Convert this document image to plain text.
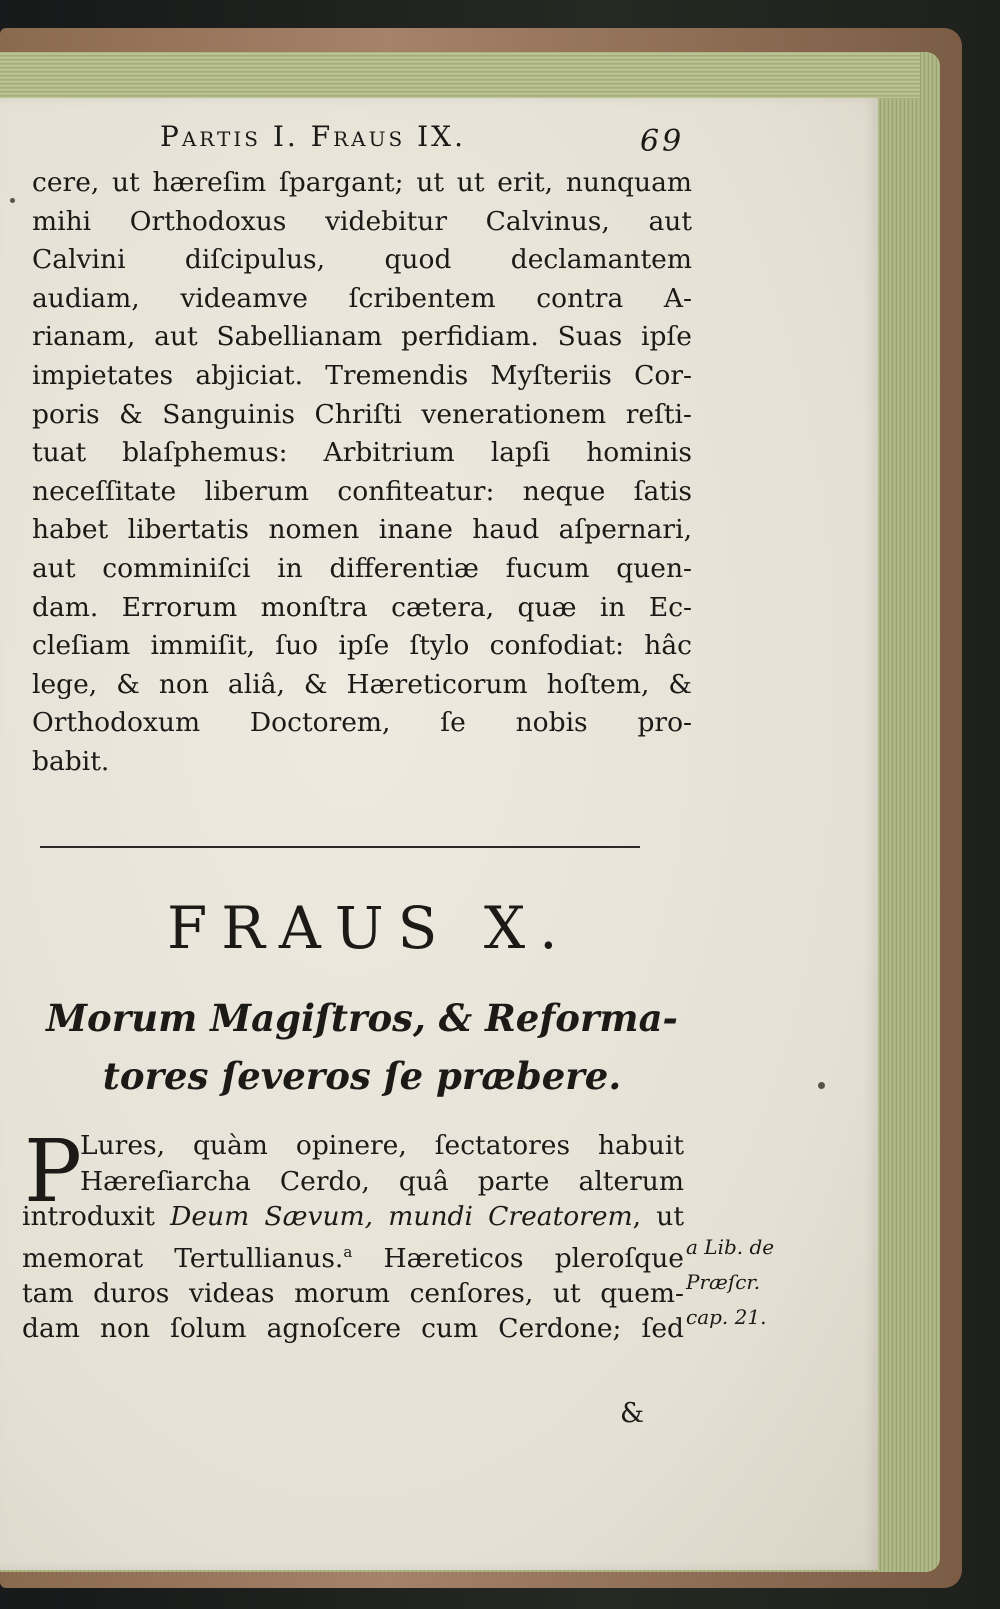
Partis I. Fraus IX.	69

cere, ut hæreſim ſpargant; ut ut erit, nunquam
mihi Orthodoxus videbitur Calvinus, aut
Calvini diſcipulus, quod declamantem
audiam, videamve ſcribentem contra A-
rianam, aut Sabellianam perfidiam. Suas ipſe
impietates abjiciat. Tremendis Myſteriis Cor-
poris & Sanguinis Chriſti venerationem reſti-
tuat blaſphemus: Arbitrium lapſi hominis
neceſſitate liberum confiteatur: neque ſatis
habet libertatis nomen inane haud aſpernari,
aut comminiſci in differentiæ fucum quen-
dam. Errorum monſtra cætera, quæ in Ec-
cleſiam immiſit, ſuo ipſe ſtylo confodiat: hâc
lege, & non aliâ, & Hæreticorum hoſtem, &
Orthodoxum Doctorem, ſe nobis pro-
babit.

FRAUS X.
Morum Magiſtros, & Reforma-
tores ſeveros ſe præbere.
P
Lures, quàm opinere, ſectatores habuit
Hæreſiarcha Cerdo, quâ parte alterum
introduxit Deum Sævum, mundi Creatorem, ut
memorat Tertullianus.$^a$ Hæreticos pleroſque
tam duros videas morum cenſores, ut quem-
dam non ſolum agnoſcere cum Cerdone; ſed
&
a Lib. de
Præſcr.
cap. 21.
